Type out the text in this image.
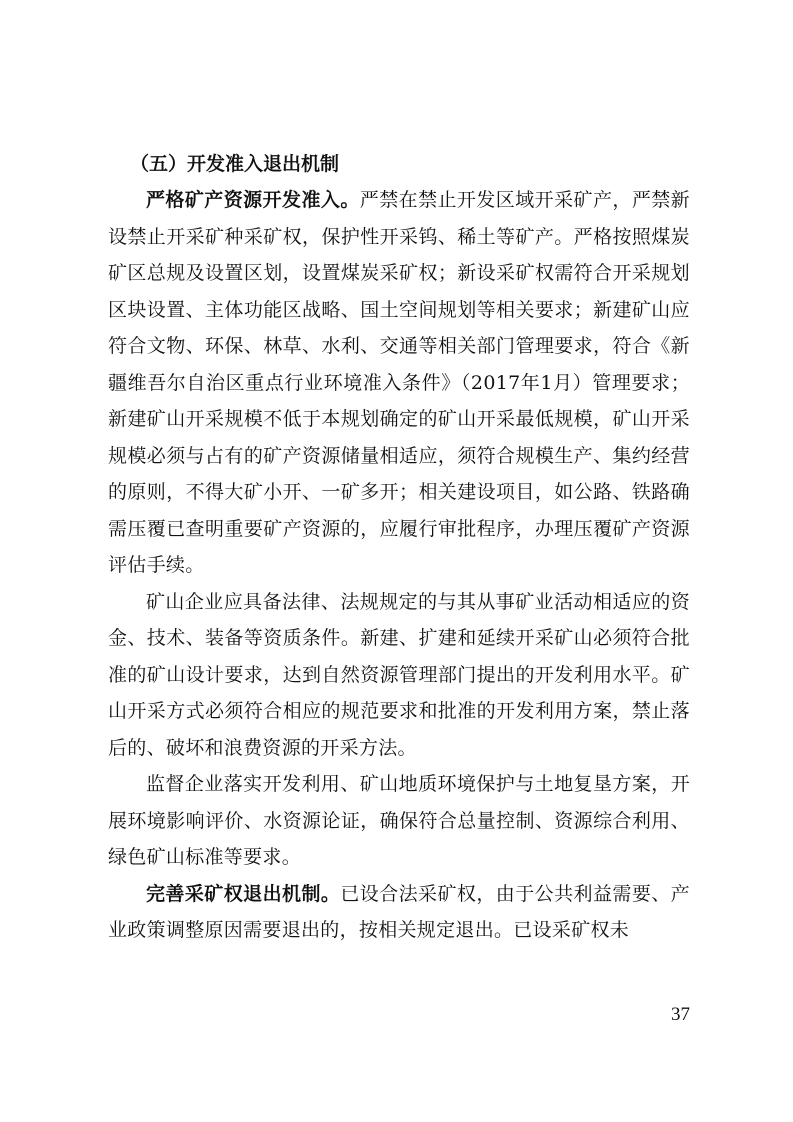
（五）开发准入退出机制

严格矿产资源开发准入。严禁在禁止开发区域开采矿产，严禁新设禁止开采矿种采矿权，保护性开采钨、稀土等矿产。严格按照煤炭矿区总规及设置区划，设置煤炭采矿权；新设采矿权需符合开采规划区块设置、主体功能区战略、国土空间规划等相关要求；新建矿山应符合文物、环保、林草、水利、交通等相关部门管理要求，符合《新疆维吾尔自治区重点行业环境准入条件》（2017年1月）管理要求；新建矿山开采规模不低于本规划确定的矿山开采最低规模，矿山开采规模必须与占有的矿产资源储量相适应，须符合规模生产、集约经营的原则，不得大矿小开、一矿多开；相关建设项目，如公路、铁路确需压覆已查明重要矿产资源的，应履行审批程序，办理压覆矿产资源评估手续。

矿山企业应具备法律、法规规定的与其从事矿业活动相适应的资金、技术、装备等资质条件。新建、扩建和延续开采矿山必须符合批准的矿山设计要求，达到自然资源管理部门提出的开发利用水平。矿山开采方式必须符合相应的规范要求和批准的开发利用方案，禁止落后的、破坏和浪费资源的开采方法。

监督企业落实开发利用、矿山地质环境保护与土地复垦方案，开展环境影响评价、水资源论证，确保符合总量控制、资源综合利用、绿色矿山标准等要求。

完善采矿权退出机制。已设合法采矿权，由于公共利益需要、产业政策调整原因需要退出的，按相关规定退出。已设采矿权未

37
